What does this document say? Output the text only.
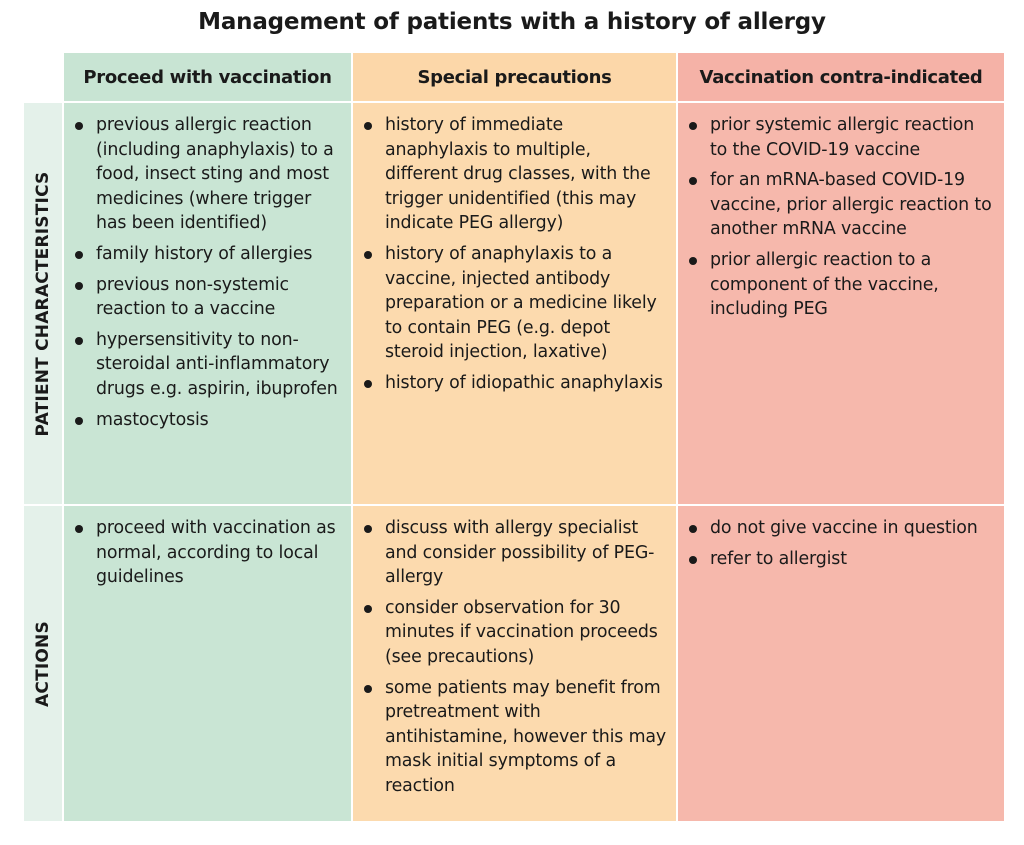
Management of patients with a history of allergy
Proceed with vaccination	Special precautions	Vaccination contra-indicated
PATIENT CHARACTERISTICS
previous allergic reaction (including anaphylaxis) to a food, insect sting and most medicines (where trigger has been identified)
family history of allergies
previous non-systemic reaction to a vaccine
hypersensitivity to non-steroidal anti-inflammatory drugs e.g. aspirin, ibuprofen
mastocytosis
history of immediate anaphylaxis to multiple, different drug classes, with the trigger unidentified (this may indicate PEG allergy)
history of anaphylaxis to a vaccine, injected antibody preparation or a medicine likely to contain PEG (e.g. depot steroid injection, laxative)
history of idiopathic anaphylaxis
prior systemic allergic reaction to the COVID-19 vaccine
for an mRNA-based COVID-19 vaccine, prior allergic reaction to another mRNA vaccine
prior allergic reaction to a component of the vaccine, including PEG
ACTIONS
proceed with vaccination as normal, according to local guidelines
discuss with allergy specialist and consider possibility of PEG-allergy
consider observation for 30 minutes if vaccination proceeds (see precautions)
some patients may benefit from pretreatment with antihistamine, however this may mask initial symptoms of a reaction
do not give vaccine in question
refer to allergist
